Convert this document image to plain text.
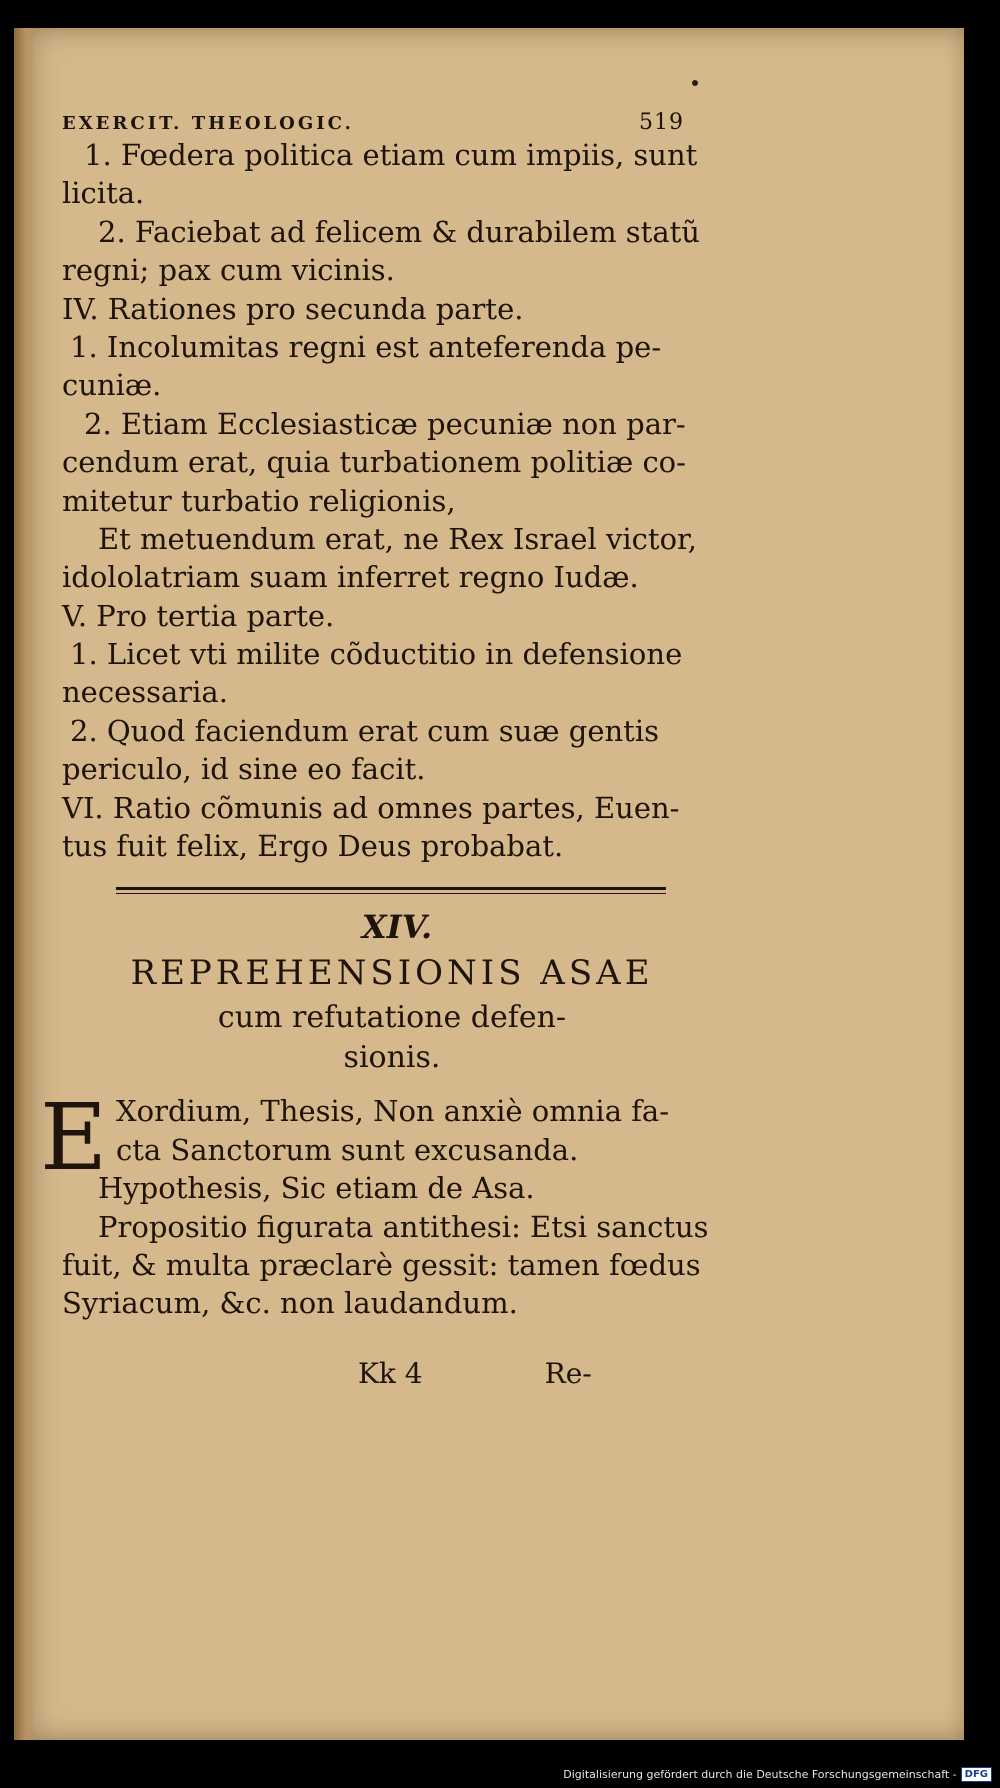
EXERCIT. THEOLOGIC.	519
1. Fœdera politica etiam cum impiis, sunt
licita.
2. Faciebat ad felicem & durabilem statũ
regni; pax cum vicinis.
IV. Rationes pro secunda parte.
1. Incolumitas regni est anteferenda pe-
cuniæ.
2. Etiam Ecclesiasticæ pecuniæ non par-
cendum erat, quia turbationem politiæ co-
mitetur turbatio religionis,
Et metuendum erat, ne Rex Israel victor,
idololatriam suam inferret regno Iudæ.
V. Pro tertia parte.
1. Licet vti milite cõductitio in defensione
necessaria.
2. Quod faciendum erat cum suæ gentis
periculo, id sine eo facit.
VI. Ratio cõmunis ad omnes partes, Euen-
tus fuit felix, Ergo Deus probabat.
XIV.
REPREHENSIONIS ASAE
cum refutatione defen-
sionis.
E Xordium, Thesis, Non anxiè omnia fa-
cta Sanctorum sunt excusanda.
Hypothesis, Sic etiam de Asa.
Propositio figurata antithesi: Etsi sanctus
fuit, & multa præclarè gessit: tamen fœdus
Syriacum, &c. non laudandum.
Kk 4	Re-
Digitalisierung gefördert durch die Deutsche Forschungsgemeinschaft - DFG
